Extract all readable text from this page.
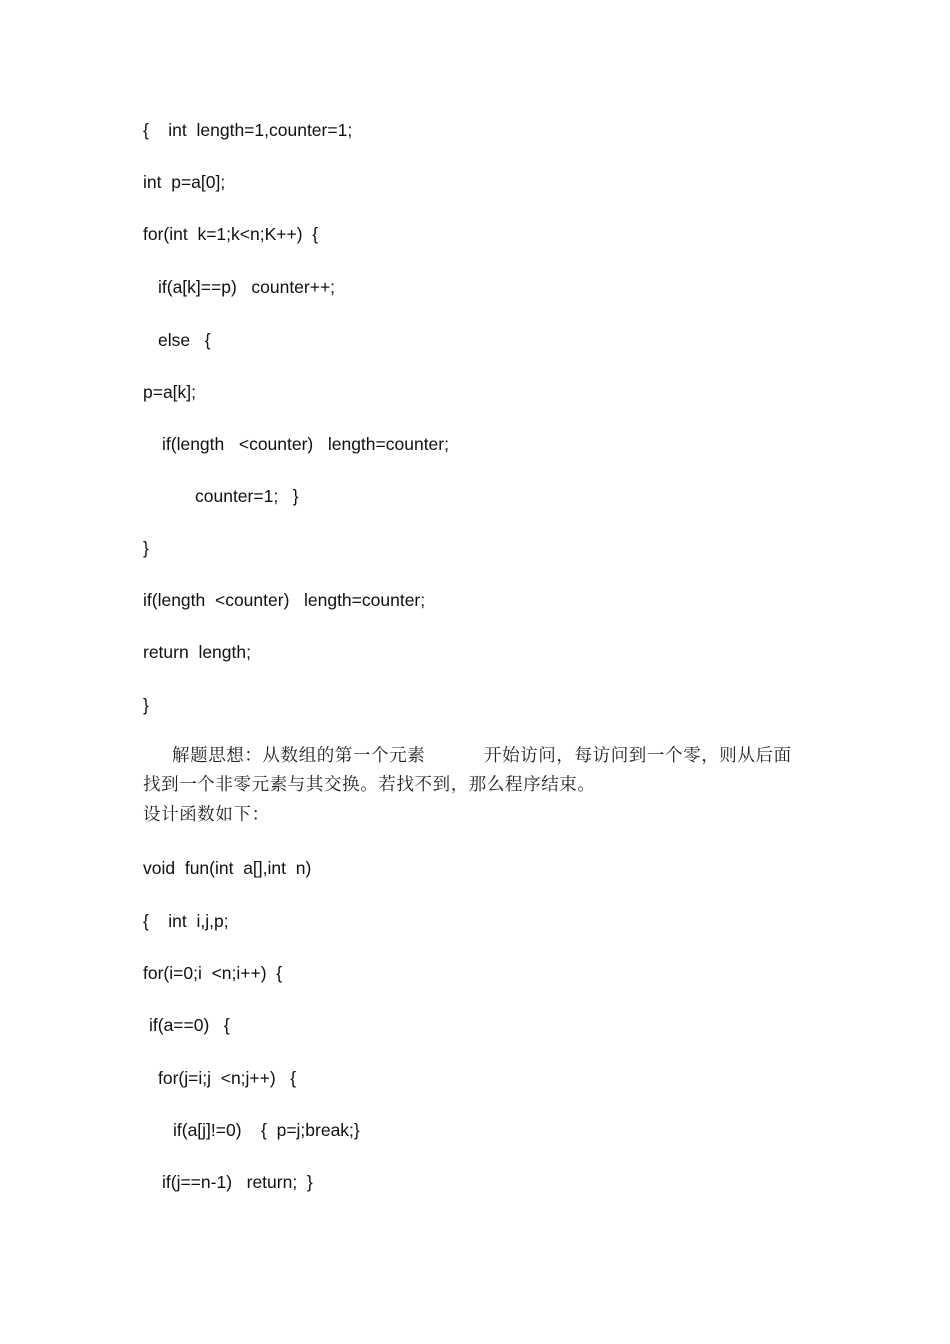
{    int  length=1,counter=1;
int  p=a[0];
for(int  k=1;k<n;K++)  {
if(a[k]==p)   counter++;
else   {
p=a[k];
if(length   <counter)   length=counter;
counter=1;   }
}
if(length  <counter)   length=counter;
return  length;
}
解题思想：从数组的第一个元素	开始访问，每访问到一个零，则从后面
找到一个非零元素与其交换。若找不到，那么程序结束。
设计函数如下：
void  fun(int  a[],int  n)
{    int  i,j,p;
for(i=0;i  <n;i++)  {
if(a==0)   {
for(j=i;j  <n;j++)   {
if(a[j]!=0)    {  p=j;break;}
if(j==n-1)   return;  }
